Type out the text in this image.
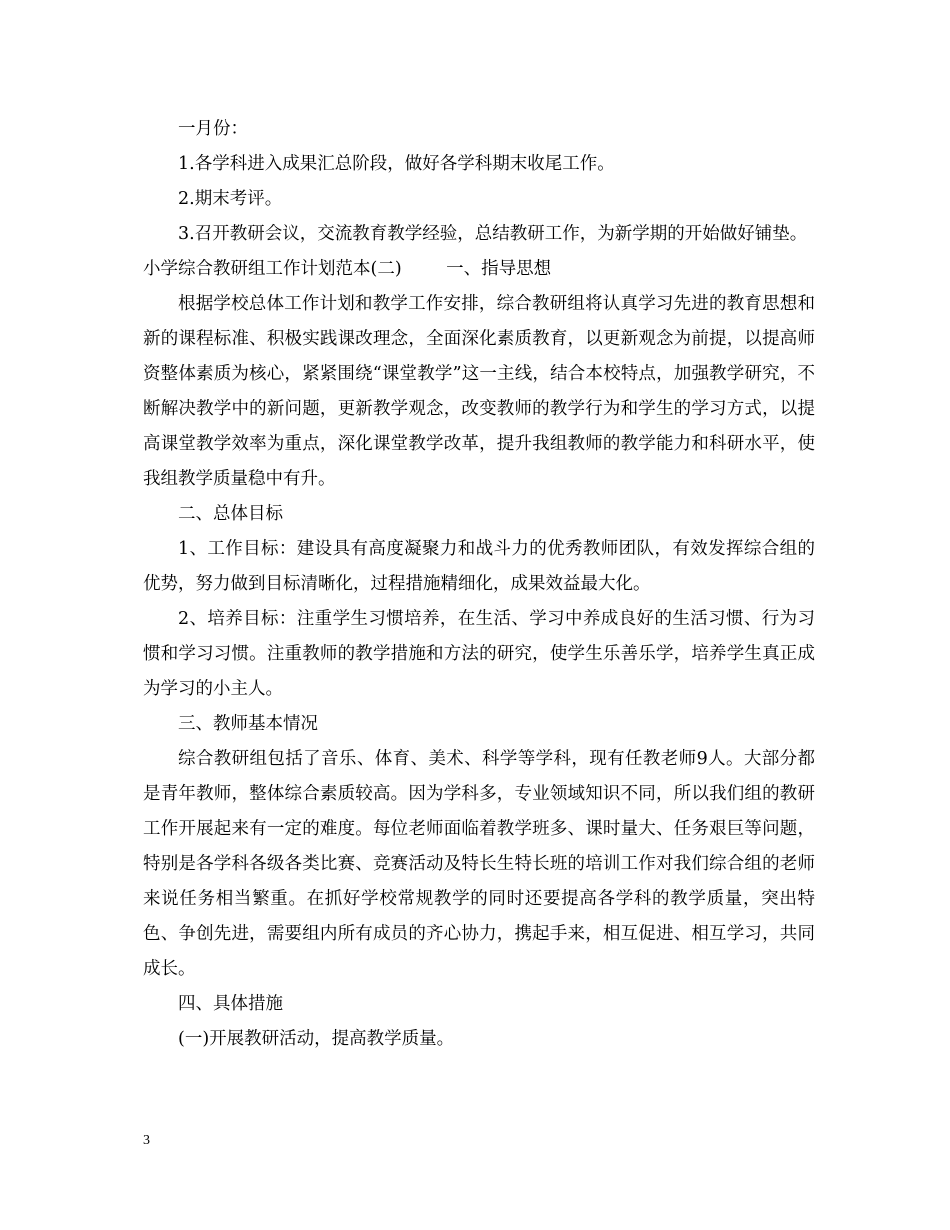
一月份：

1.各学科进入成果汇总阶段，做好各学科期末收尾工作。

2.期末考评。

3.召开教研会议，交流教育教学经验，总结教研工作，为新学期的开始做好铺垫。

小学综合教研组工作计划范本(二)        一、指导思想

根据学校总体工作计划和教学工作安排，综合教研组将认真学习先进的教育思想和新的课程标准、积极实践课改理念，全面深化素质教育，以更新观念为前提，以提高师资整体素质为核心，紧紧围绕“课堂教学”这一主线，结合本校特点，加强教学研究，不断解决教学中的新问题，更新教学观念，改变教师的教学行为和学生的学习方式，以提高课堂教学效率为重点，深化课堂教学改革，提升我组教师的教学能力和科研水平，使我组教学质量稳中有升。

二、总体目标

1、工作目标：建设具有高度凝聚力和战斗力的优秀教师团队，有效发挥综合组的优势，努力做到目标清晰化，过程措施精细化，成果效益最大化。

2、培养目标：注重学生习惯培养，在生活、学习中养成良好的生活习惯、行为习惯和学习习惯。注重教师的教学措施和方法的研究，使学生乐善乐学，培养学生真正成为学习的小主人。

三、教师基本情况

综合教研组包括了音乐、体育、美术、科学等学科，现有任教老师9人。大部分都是青年教师，整体综合素质较高。因为学科多，专业领域知识不同，所以我们组的教研工作开展起来有一定的难度。每位老师面临着教学班多、课时量大、任务艰巨等问题，特别是各学科各级各类比赛、竞赛活动及特长生特长班的培训工作对我们综合组的老师来说任务相当繁重。在抓好学校常规教学的同时还要提高各学科的教学质量，突出特色、争创先进，需要组内所有成员的齐心协力，携起手来，相互促进、相互学习，共同成长。

四、具体措施

(一)开展教研活动，提高教学质量。

3
